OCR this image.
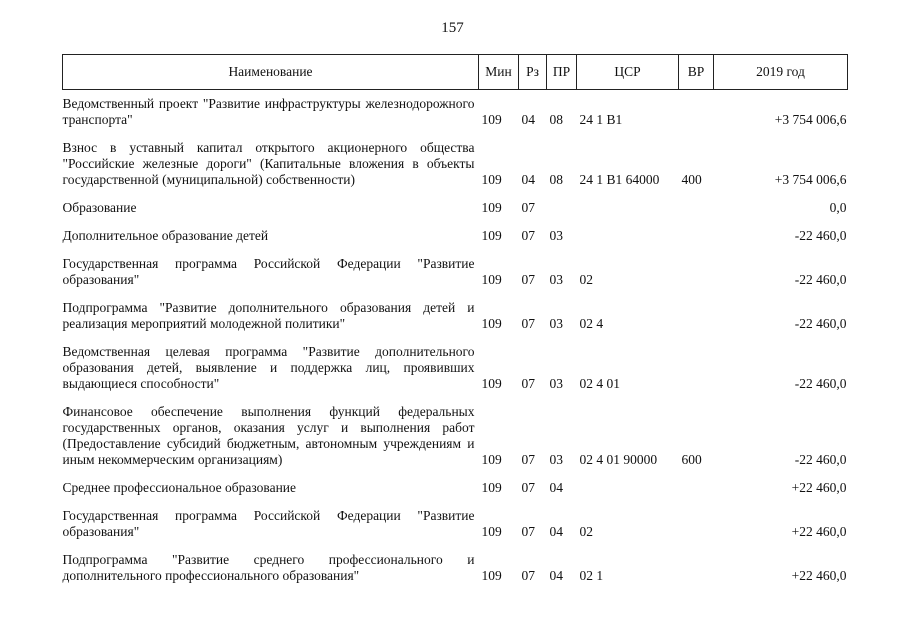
157
Наименование	Мин	Рз	ПР	ЦСР	ВР	2019 год
Ведомственный проект "Развитие инфраструктуры железнодорожного транспорта"	109	04	08	24 1 B1		+3 754 006,6
Взнос в уставный капитал открытого акционерного общества "Российские железные дороги" (Капитальные вложения в объекты государственной (муниципальной) собственности)	109	04	08	24 1 B1 64000	400	+3 754 006,6
Образование	109	07				0,0
Дополнительное образование детей	109	07	03			-22 460,0
Государственная программа Российской Федерации "Развитие образования"	109	07	03	02		-22 460,0
Подпрограмма "Развитие дополнительного образования детей и реализация мероприятий молодежной политики"	109	07	03	02 4		-22 460,0
Ведомственная целевая программа "Развитие дополнительного образования детей, выявление и поддержка лиц, проявивших выдающиеся способности"	109	07	03	02 4 01		-22 460,0
Финансовое обеспечение выполнения функций федеральных государственных органов, оказания услуг и выполнения работ (Предоставление субсидий бюджетным, автономным учреждениям и иным некоммерческим организациям)	109	07	03	02 4 01 90000	600	-22 460,0
Среднее профессиональное образование	109	07	04			+22 460,0
Государственная программа Российской Федерации "Развитие образования"	109	07	04	02		+22 460,0
Подпрограмма "Развитие среднего профессионального и дополнительного профессионального образования"	109	07	04	02 1		+22 460,0
